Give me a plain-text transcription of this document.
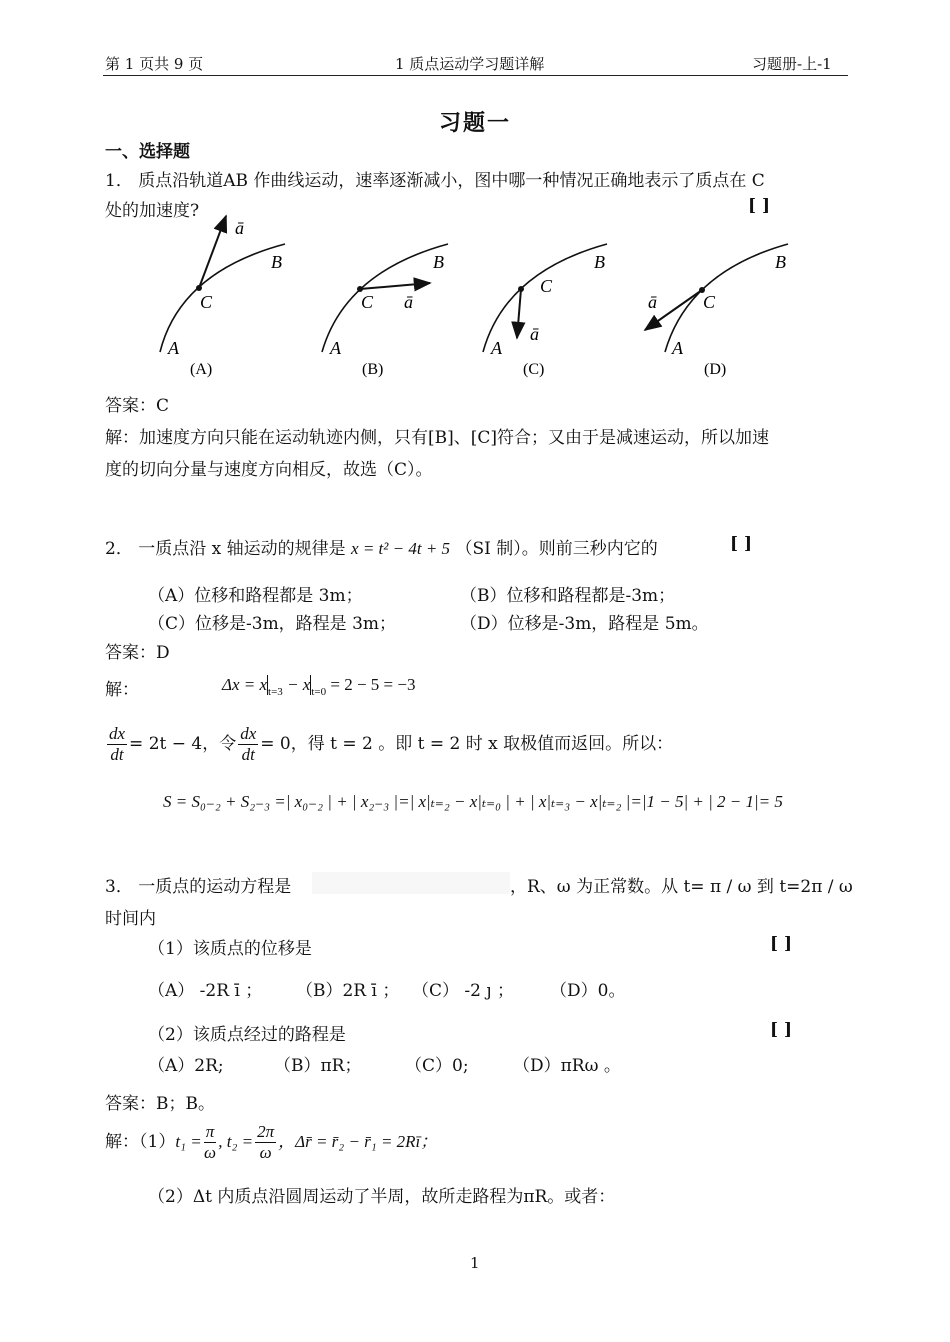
第 1 页共 9 页	1 质点运动学习题详解	习题册-上-1
习题一
一、选择题
1． 质点沿轨道AB 作曲线运动，速率逐渐减小，图中哪一种情况正确地表示了质点在 C
处的加速度?	[ ]
A
B
C
ā
(A)
A
B
C ā
(B)
A
B
C
ā
(C)
A
B
C
ā
(D)
答案：C
解：加速度方向只能在运动轨迹内侧，只有[B]、[C]符合；又由于是减速运动，所以加速
度的切向分量与速度方向相反，故选（C）。
2． 一质点沿 x 轴运动的规律是 x = t² − 4t + 5 （SI 制）。则前三秒内它的	[ ]
（A）位移和路程都是 3m；	（B）位移和路程都是-3m；
（C）位移是-3m，路程是 3m；	（D）位移是-3m，路程是 5m。
答案：D
解：	$\Delta x = x_{t=3} - x_{t=0} = 2 - 5 = -3$
$\frac{dx}{dt} = 2t - 4$，令 $\frac{dx}{dt} = 0$，得 t = 2 。即 t = 2 时 x 取极值而返回。所以：
S = S₀₋₂ + S₂₋₃ =| x₀₋₂ | + | x₂₋₃ |=| x|ₜ₌₂ − x|ₜ₌₀ | + | x|ₜ₌₃ − x|ₜ₌₂ |=|1 − 5| + | 2 − 1|= 5
3． 一质点的运动方程是	，R、ω 为正常数。从 t= π / ω 到 t=2π / ω
时间内
（1）该质点的位移是	[ ]
（A） -2R ī ； （B）2R ī ； （C） -2 ȷ ； （D）0。
（2）该质点经过的路程是	[ ]
（A）2R;	（B）πR；	（C）0;	（D）πRω 。
答案：B；B。
解：$(1)t_1 = \frac{\pi}{\omega}$ , $t_2 = \frac{2\pi}{\omega}$ ，Δr̄ = r̄₂ − r̄₁ = 2Rī；
（2）Δt 内质点沿圆周运动了半周，故所走路程为πR。或者：
1
